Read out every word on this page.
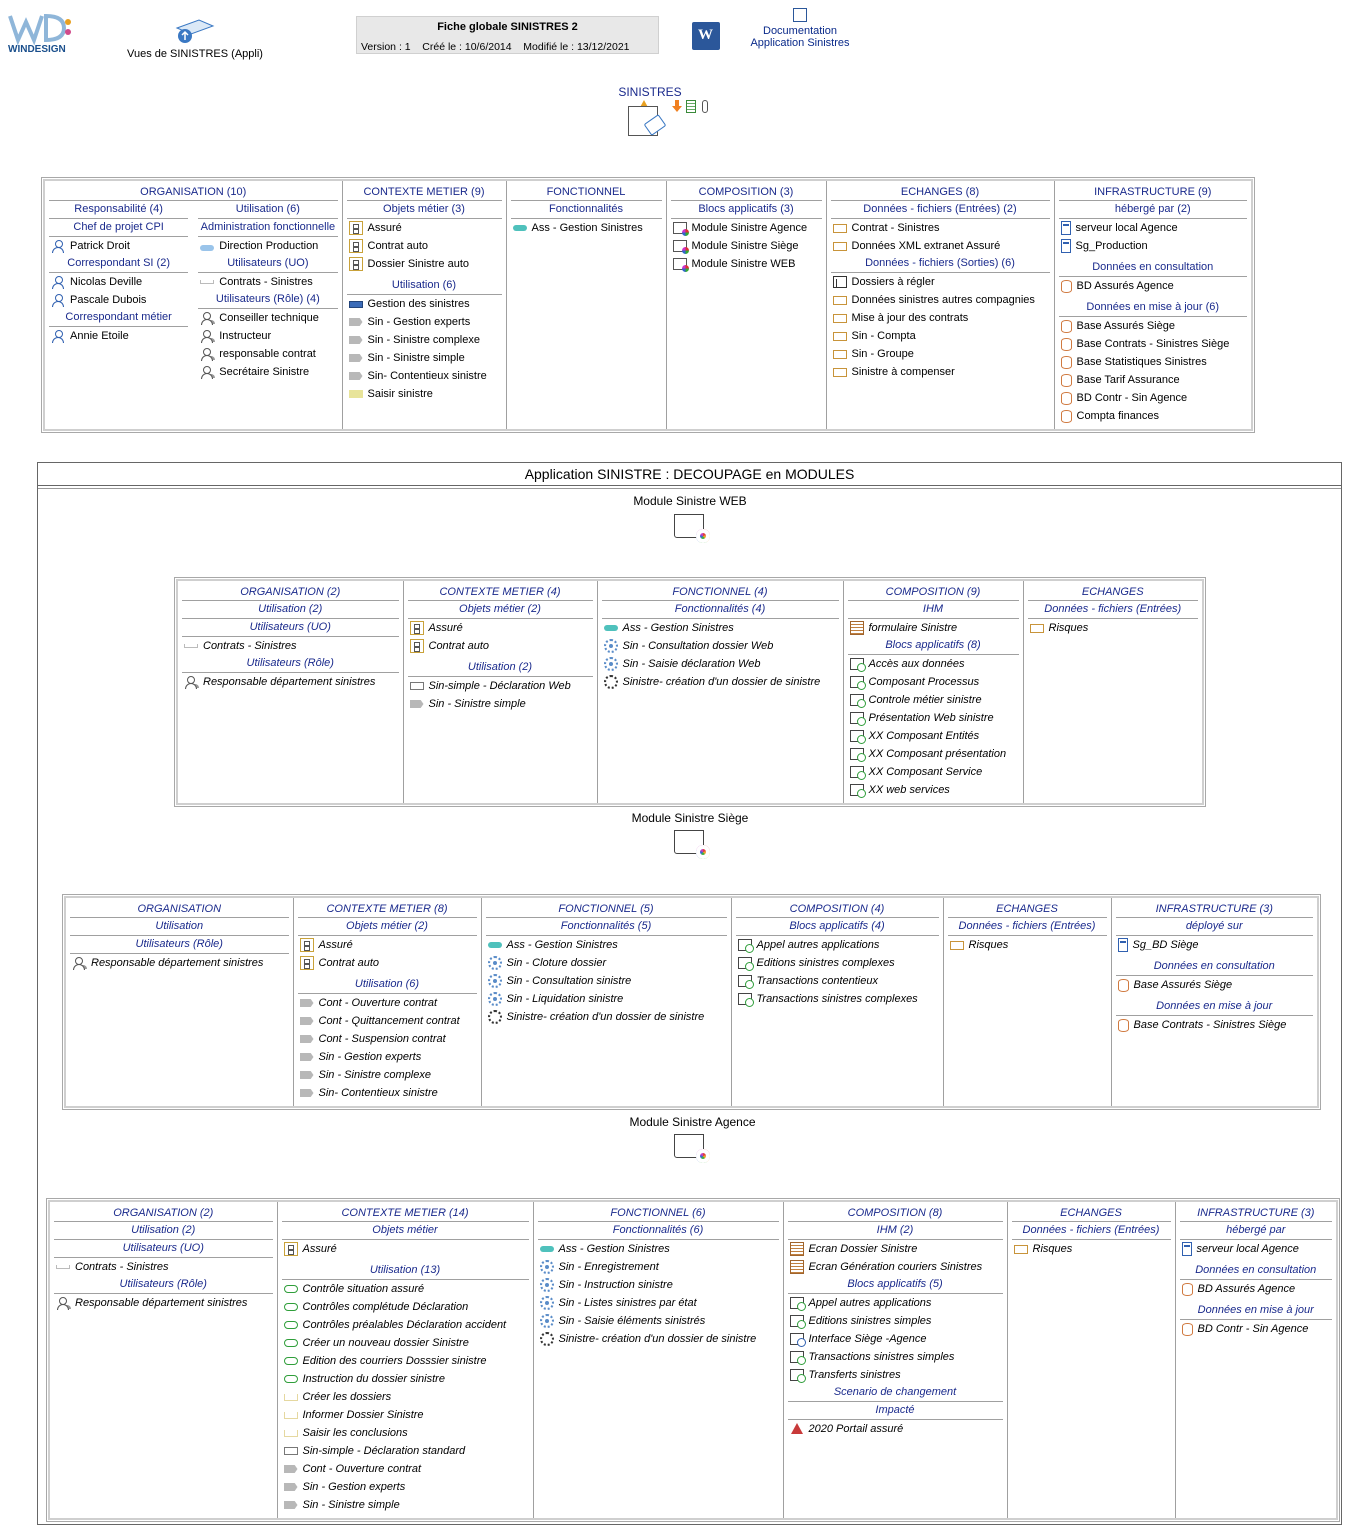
WINDESIGN	Vues de SINISTRES (Appli)
Fiche globale SINISTRES 2
Version : 1    Créé le : 10/6/2014    Modifié le : 13/12/2021
W
Documentation
Application Sinistres
SINISTRES
ORGANISATION (10)
Responsabilité (4)
Chef de projet CPI
Patrick Droit
Correspondant SI (2)
Nicolas Deville
Pascale Dubois
Correspondant métier
Annie Etoile
Utilisation (6)
Administration fonctionnelle
Direction Production
Utilisateurs (UO)
Contrats - Sinistres
Utilisateurs (Rôle) (4)
Conseiller technique
Instructeur
responsable contrat
Secrétaire Sinistre

CONTEXTE METIER (9)
Objets métier (3)
Assuré
Contrat auto
Dossier Sinistre auto
Utilisation (6)
Gestion des sinistres
Sin - Gestion experts
Sin - Sinistre complexe
Sin - Sinistre simple
Sin- Contentieux sinistre
Saisir sinistre

FONCTIONNEL
Fonctionnalités
Ass - Gestion Sinistres

COMPOSITION (3)
Blocs applicatifs (3)
Module Sinistre Agence
Module Sinistre Siège
Module Sinistre WEB

ECHANGES (8)
Données - fichiers (Entrées) (2)
Contrat - Sinistres
Données XML extranet Assuré
Données - fichiers (Sorties) (6)
Dossiers à régler
Données sinistres autres compagnies
Mise à jour des contrats
Sin - Compta
Sin - Groupe
Sinistre à compenser

INFRASTRUCTURE (9)
hébergé par (2)
serveur local Agence
Sg_Production
Données en consultation
BD Assurés Agence
Données en mise à jour (6)
Base Assurés Siège
Base Contrats - Sinistres Siège
Base Statistiques Sinistres
Base Tarif Assurance
BD Contr - Sin Agence
Compta finances
Application SINISTRE : DECOUPAGE en MODULES
Module Sinistre WEB
ORGANISATION (2)
Utilisation (2)
Utilisateurs (UO)
Contrats - Sinistres
Utilisateurs (Rôle)
Responsable département sinistres

CONTEXTE METIER (4)
Objets métier (2)
Assuré
Contrat auto
Utilisation (2)
Sin-simple - Déclaration Web
Sin - Sinistre simple

FONCTIONNEL (4)
Fonctionnalités (4)
Ass - Gestion Sinistres
Sin - Consultation dossier Web
Sin - Saisie déclaration Web
Sinistre- création d'un dossier de sinistre

COMPOSITION (9)
IHM
formulaire Sinistre
Blocs applicatifs (8)
Accès aux données
Composant Processus
Controle métier sinistre
Présentation Web sinistre
XX Composant Entités
XX Composant présentation
XX Composant Service
XX web services

ECHANGES
Données - fichiers (Entrées)
Risques
Module Sinistre Siège
ORGANISATION
Utilisation
Utilisateurs (Rôle)
Responsable département sinistres

CONTEXTE METIER (8)
Objets métier (2)
Assuré
Contrat auto
Utilisation (6)
Cont - Ouverture contrat
Cont - Quittancement contrat
Cont - Suspension contrat
Sin - Gestion experts
Sin - Sinistre complexe
Sin- Contentieux sinistre

FONCTIONNEL (5)
Fonctionnalités (5)
Ass - Gestion Sinistres
Sin - Cloture dossier
Sin - Consultation sinistre
Sin - Liquidation sinistre
Sinistre- création d'un dossier de sinistre

COMPOSITION (4)
Blocs applicatifs (4)
Appel autres applications
Editions sinistres complexes
Transactions contentieux
Transactions sinistres complexes

ECHANGES
Données - fichiers (Entrées)
Risques

INFRASTRUCTURE (3)
déployé sur
Sg_BD Siège
Données en consultation
Base Assurés Siège
Données en mise à jour
Base Contrats - Sinistres Siège
Module Sinistre Agence
ORGANISATION (2)
Utilisation (2)
Utilisateurs (UO)
Contrats - Sinistres
Utilisateurs (Rôle)
Responsable département sinistres

CONTEXTE METIER (14)
Objets métier
Assuré
Utilisation (13)
Contrôle situation assuré
Contrôles complétude Déclaration
Contrôles préalables Déclaration accident
Créer un nouveau dossier Sinistre
Edition des courriers Dosssier sinistre
Instruction du dossier sinistre
Créer les dossiers
Informer Dossier Sinistre
Saisir les conclusions
Sin-simple - Déclaration standard
Cont - Ouverture contrat
Sin - Gestion experts
Sin - Sinistre simple

FONCTIONNEL (6)
Fonctionnalités (6)
Ass - Gestion Sinistres
Sin - Enregistrement
Sin - Instruction sinistre
Sin - Listes sinistres par état
Sin - Saisie éléments sinistrés
Sinistre- création d'un dossier de sinistre

COMPOSITION (8)
IHM (2)
Ecran Dossier Sinistre
Ecran Génération couriers Sinistres
Blocs applicatifs (5)
Appel autres applications
Editions sinistres simples
Interface Siège -Agence
Transactions sinistres simples
Transferts sinistres
Scenario de changement
Impacté
2020 Portail assuré

ECHANGES
Données - fichiers (Entrées)
Risques

INFRASTRUCTURE (3)
hébergé par
serveur local Agence
Données en consultation
BD Assurés Agence
Données en mise à jour
BD Contr - Sin Agence
